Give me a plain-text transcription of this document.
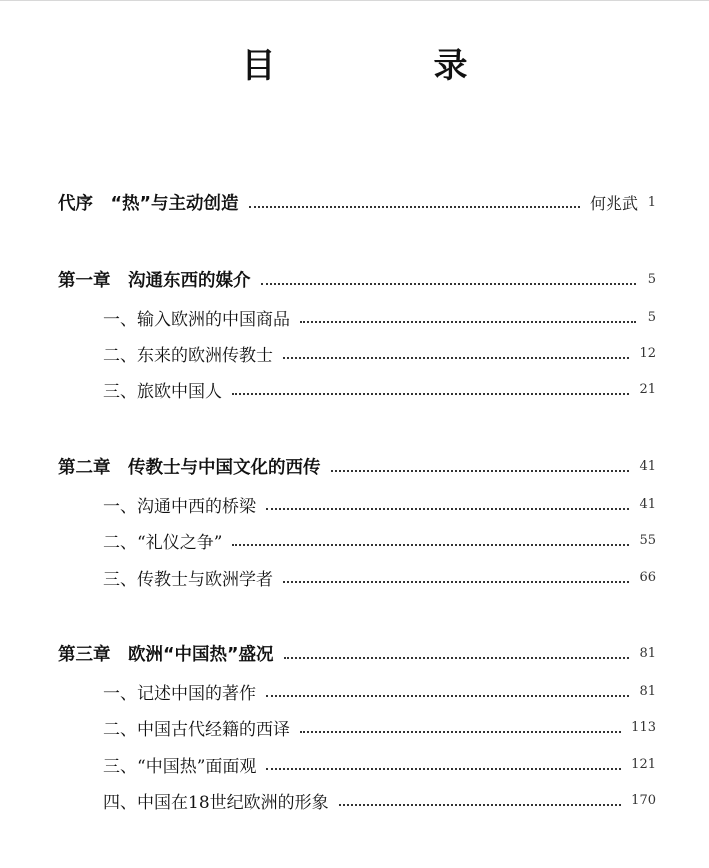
目　录
代序　“热”与主动创造	何兆武 1
第一章　沟通东西的媒介	5
一、输入欧洲的中国商品	5
二、东来的欧洲传教士	12
三、旅欧中国人	21
第二章　传教士与中国文化的西传	41
一、沟通中西的桥梁	41
二、“礼仪之争”	55
三、传教士与欧洲学者	66
第三章　欧洲“中国热”盛况	81
一、记述中国的著作	81
二、中国古代经籍的西译	113
三、“中国热”面面观	121
四、中国在18世纪欧洲的形象	170
